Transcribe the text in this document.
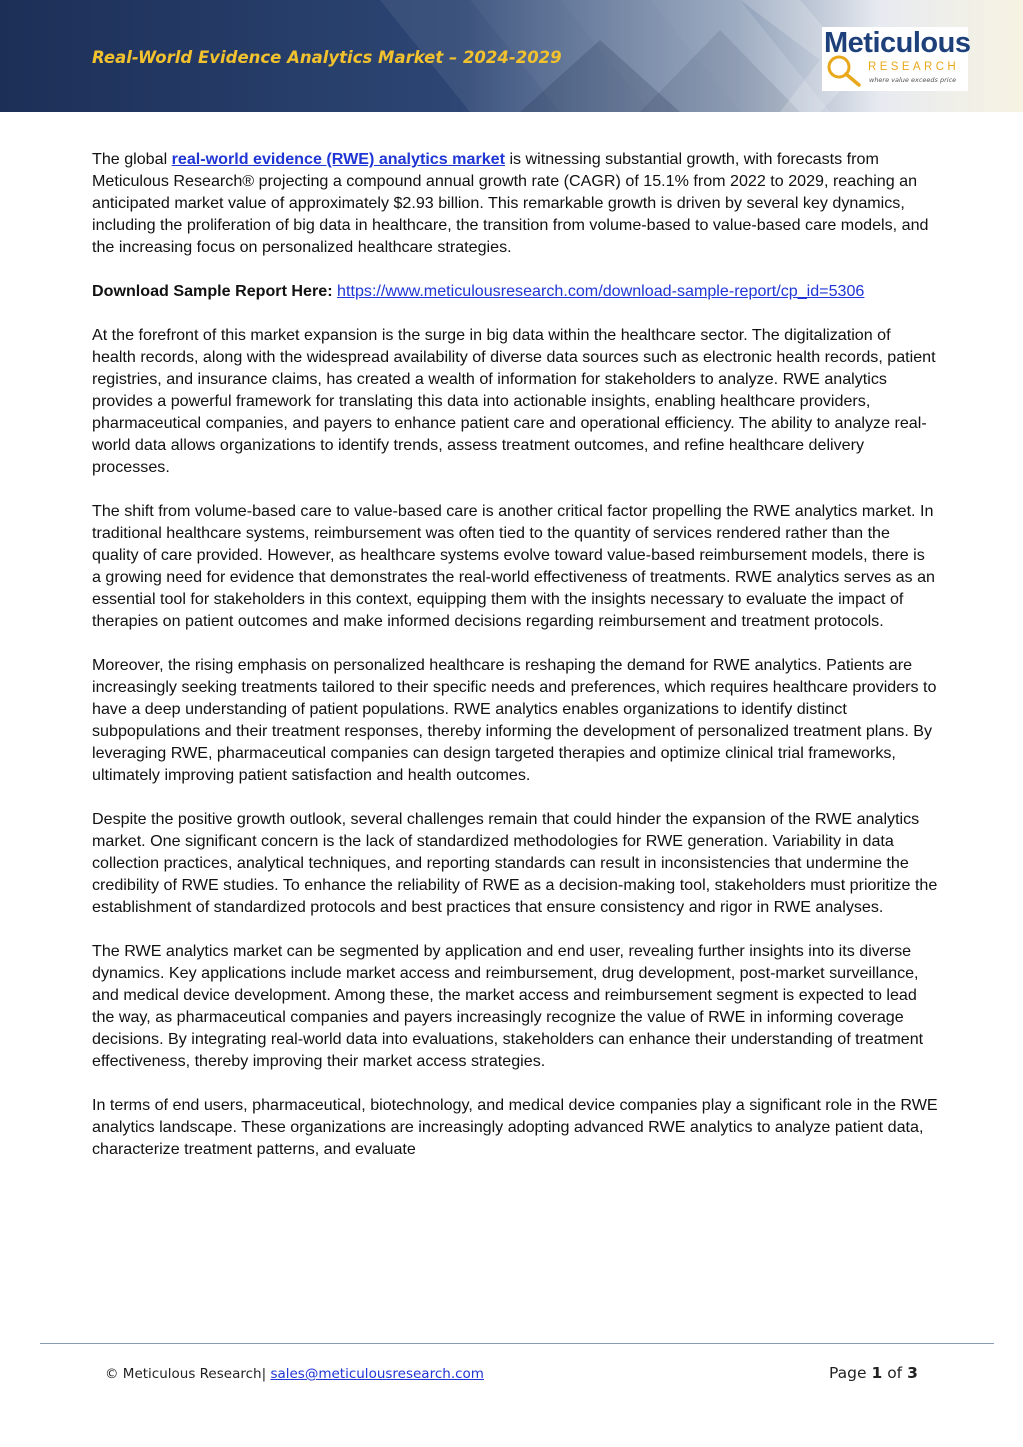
Real-World Evidence Analytics Market – 2024-2029	Meticulous
RESEARCH
where value exceeds price

The global real-world evidence (RWE) analytics market is witnessing substantial growth, with forecasts from Meticulous Research® projecting a compound annual growth rate (CAGR) of 15.1% from 2022 to 2029, reaching an anticipated market value of approximately $2.93 billion. This remarkable growth is driven by several key dynamics, including the proliferation of big data in healthcare, the transition from volume-based to value-based care models, and the increasing focus on personalized healthcare strategies.

Download Sample Report Here: https://www.meticulousresearch.com/download-sample-report/cp_id=5306

At the forefront of this market expansion is the surge in big data within the healthcare sector. The digitalization of health records, along with the widespread availability of diverse data sources such as electronic health records, patient registries, and insurance claims, has created a wealth of information for stakeholders to analyze. RWE analytics provides a powerful framework for translating this data into actionable insights, enabling healthcare providers, pharmaceutical companies, and payers to enhance patient care and operational efficiency. The ability to analyze real-world data allows organizations to identify trends, assess treatment outcomes, and refine healthcare delivery processes.

The shift from volume-based care to value-based care is another critical factor propelling the RWE analytics market. In traditional healthcare systems, reimbursement was often tied to the quantity of services rendered rather than the quality of care provided. However, as healthcare systems evolve toward value-based reimbursement models, there is a growing need for evidence that demonstrates the real-world effectiveness of treatments. RWE analytics serves as an essential tool for stakeholders in this context, equipping them with the insights necessary to evaluate the impact of therapies on patient outcomes and make informed decisions regarding reimbursement and treatment protocols.

Moreover, the rising emphasis on personalized healthcare is reshaping the demand for RWE analytics. Patients are increasingly seeking treatments tailored to their specific needs and preferences, which requires healthcare providers to have a deep understanding of patient populations. RWE analytics enables organizations to identify distinct subpopulations and their treatment responses, thereby informing the development of personalized treatment plans. By leveraging RWE, pharmaceutical companies can design targeted therapies and optimize clinical trial frameworks, ultimately improving patient satisfaction and health outcomes.

Despite the positive growth outlook, several challenges remain that could hinder the expansion of the RWE analytics market. One significant concern is the lack of standardized methodologies for RWE generation. Variability in data collection practices, analytical techniques, and reporting standards can result in inconsistencies that undermine the credibility of RWE studies. To enhance the reliability of RWE as a decision-making tool, stakeholders must prioritize the establishment of standardized protocols and best practices that ensure consistency and rigor in RWE analyses.

The RWE analytics market can be segmented by application and end user, revealing further insights into its diverse dynamics. Key applications include market access and reimbursement, drug development, post-market surveillance, and medical device development. Among these, the market access and reimbursement segment is expected to lead the way, as pharmaceutical companies and payers increasingly recognize the value of RWE in informing coverage decisions. By integrating real-world data into evaluations, stakeholders can enhance their understanding of treatment effectiveness, thereby improving their market access strategies.

In terms of end users, pharmaceutical, biotechnology, and medical device companies play a significant role in the RWE analytics landscape. These organizations are increasingly adopting advanced RWE analytics to analyze patient data, characterize treatment patterns, and evaluate

© Meticulous Research| sales@meticulousresearch.com	Page 1 of 3
